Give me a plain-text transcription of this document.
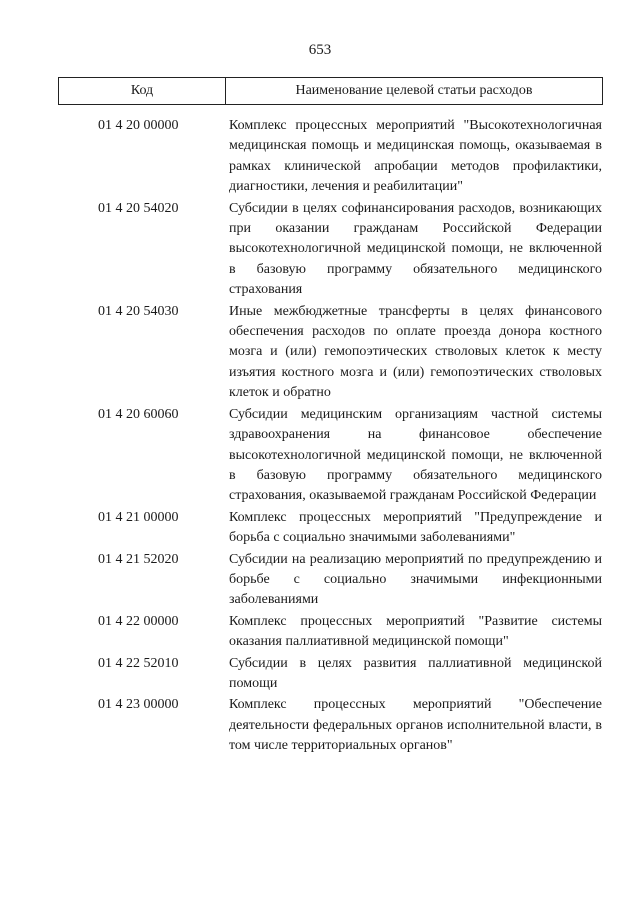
653
Код	Наименование целевой статьи расходов
01 4 20 00000	Комплекс процессных мероприятий "Высокотехнологичная медицинская помощь и медицинская помощь, оказываемая в рамках клинической апробации методов профилактики, диагностики, лечения и реабилитации"

01 4 20 54020	Субсидии в целях софинансирования расходов, возникающих при оказании гражданам Российской Федерации высокотехнологичной медицинской помощи, не включенной в базовую программу обязательного медицинского страхования

01 4 20 54030	Иные межбюджетные трансферты в целях финансового обеспечения расходов по оплате проезда донора костного мозга и (или) гемопоэтических стволовых клеток к месту изъятия костного мозга и (или) гемопоэтических стволовых клеток и обратно

01 4 20 60060	Субсидии медицинским организациям частной системы здравоохранения на финансовое обеспечение высокотехнологичной медицинской помощи, не включенной в базовую программу обязательного медицинского страхования, оказываемой гражданам Российской Федерации

01 4 21 00000	Комплекс процессных мероприятий "Предупреждение и борьба с социально значимыми заболеваниями"

01 4 21 52020	Субсидии на реализацию мероприятий по предупреждению и борьбе с социально значимыми инфекционными заболеваниями

01 4 22 00000	Комплекс процессных мероприятий "Развитие системы оказания паллиативной медицинской помощи"

01 4 22 52010	Субсидии в целях развития паллиативной медицинской помощи

01 4 23 00000	Комплекс процессных мероприятий "Обеспечение деятельности федеральных органов исполнительной власти, в том числе территориальных органов"
